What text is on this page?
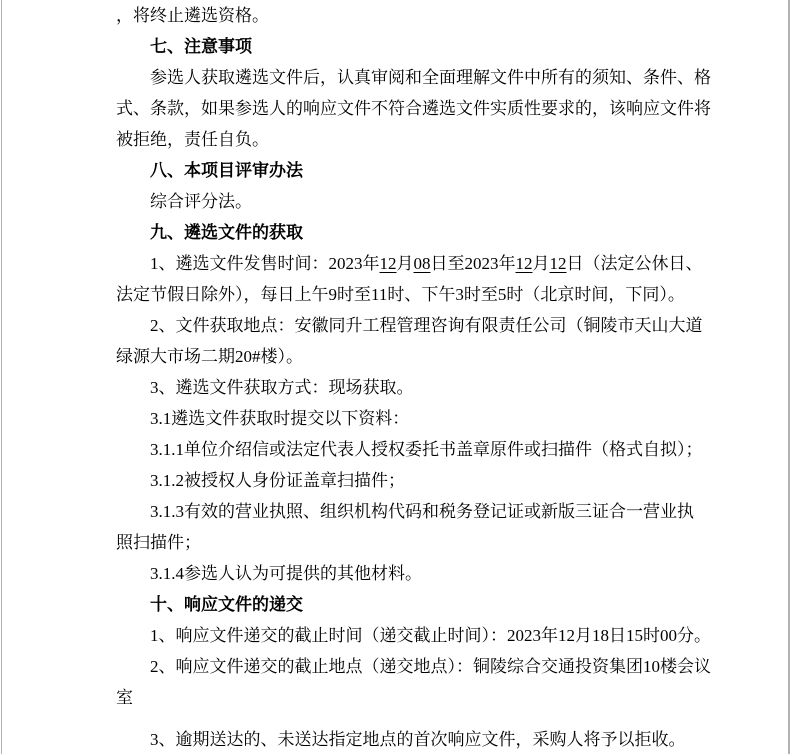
，将终止遴选资格。
七、注意事项
参选人获取遴选文件后，认真审阅和全面理解文件中所有的须知、条件、格
式、条款，如果参选人的响应文件不符合遴选文件实质性要求的，该响应文件将
被拒绝，责任自负。
八、本项目评审办法
综合评分法。
九、遴选文件的获取
1、遴选文件发售时间：2023年12月08日至2023年12月12日（法定公休日、
法定节假日除外），每日上午9时至11时、下午3时至5时（北京时间，下同）。
2、文件获取地点：安徽同升工程管理咨询有限责任公司（铜陵市天山大道
绿源大市场二期20#楼）。
3、遴选文件获取方式：现场获取。
3.1遴选文件获取时提交以下资料：
3.1.1单位介绍信或法定代表人授权委托书盖章原件或扫描件（格式自拟）；
3.1.2被授权人身份证盖章扫描件；
3.1.3有效的营业执照、组织机构代码和税务登记证或新版三证合一营业执
照扫描件；
3.1.4参选人认为可提供的其他材料。
十、响应文件的递交
1、响应文件递交的截止时间（递交截止时间）：2023年12月18日15时00分。
2、响应文件递交的截止地点（递交地点）：铜陵综合交通投资集团10楼会议
室
3、逾期送达的、未送达指定地点的首次响应文件，采购人将予以拒收。
